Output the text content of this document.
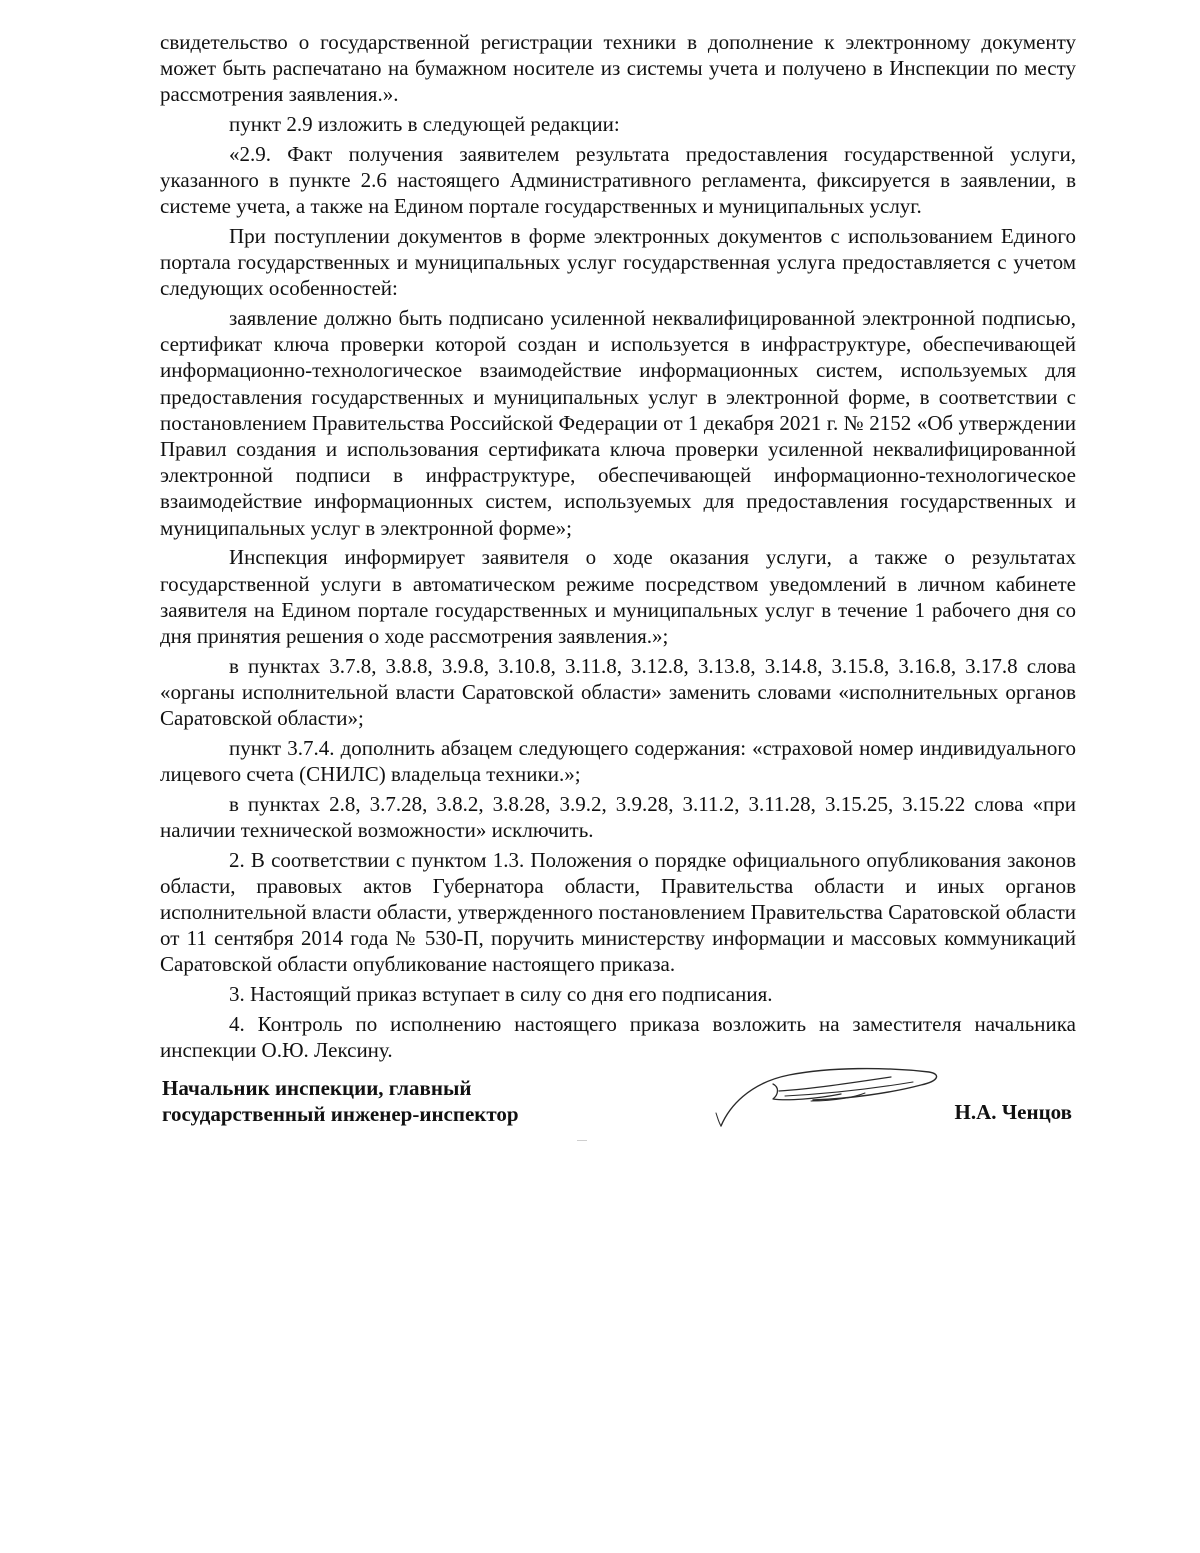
свидетельство о государственной регистрации техники в дополнение к электронному документу может быть распечатано на бумажном носителе из системы учета и получено в Инспекции по месту рассмотрения заявления.».

пункт 2.9 изложить в следующей редакции:

«2.9. Факт получения заявителем результата предоставления государственной услуги, указанного в пункте 2.6 настоящего Административного регламента, фиксируется в заявлении, в системе учета, а также на Едином портале государственных и муниципальных услуг.

При поступлении документов в форме электронных документов с использованием Единого портала государственных и муниципальных услуг государственная услуга предоставляется с учетом следующих особенностей:

заявление должно быть подписано усиленной неквалифицированной электронной подписью, сертификат ключа проверки которой создан и используется в инфраструктуре, обеспечивающей информационно-технологическое взаимодействие информационных систем, используемых для предоставления государственных и муниципальных услуг в электронной форме, в соответствии с постановлением Правительства Российской Федерации от 1 декабря 2021 г. № 2152 «Об утверждении Правил создания и использования сертификата ключа проверки усиленной неквалифицированной электронной подписи в инфраструктуре, обеспечивающей информационно-технологическое взаимодействие информационных систем, используемых для предоставления государственных и муниципальных услуг в электронной форме»;

Инспекция информирует заявителя о ходе оказания услуги, а также о результатах государственной услуги в автоматическом режиме посредством уведомлений в личном кабинете заявителя на Едином портале государственных и муниципальных услуг в течение 1 рабочего дня со дня принятия решения о ходе рассмотрения заявления.»;

в пунктах 3.7.8, 3.8.8, 3.9.8, 3.10.8, 3.11.8, 3.12.8, 3.13.8, 3.14.8, 3.15.8, 3.16.8, 3.17.8 слова «органы исполнительной власти Саратовской области» заменить словами «исполнительных органов Саратовской области»;

пункт 3.7.4. дополнить абзацем следующего содержания: «страховой номер индивидуального лицевого счета (СНИЛС) владельца техники.»;

в пунктах 2.8, 3.7.28, 3.8.2, 3.8.28, 3.9.2, 3.9.28, 3.11.2, 3.11.28, 3.15.25, 3.15.22 слова «при наличии технической возможности» исключить.

2. В соответствии с пунктом 1.3. Положения о порядке официального опубликования законов области, правовых актов Губернатора области, Правительства области и иных органов исполнительной власти области, утвержденного постановлением Правительства Саратовской области от 11 сентября 2014 года № 530-П, поручить министерству информации и массовых коммуникаций Саратовской области опубликование настоящего приказа.

3. Настоящий приказ вступает в силу со дня его подписания.

4. Контроль по исполнению настоящего приказа возложить на заместителя начальника инспекции О.Ю. Лексину.

Начальник инспекции, главный
государственный инженер-инспектор	Н.А. Ченцов
